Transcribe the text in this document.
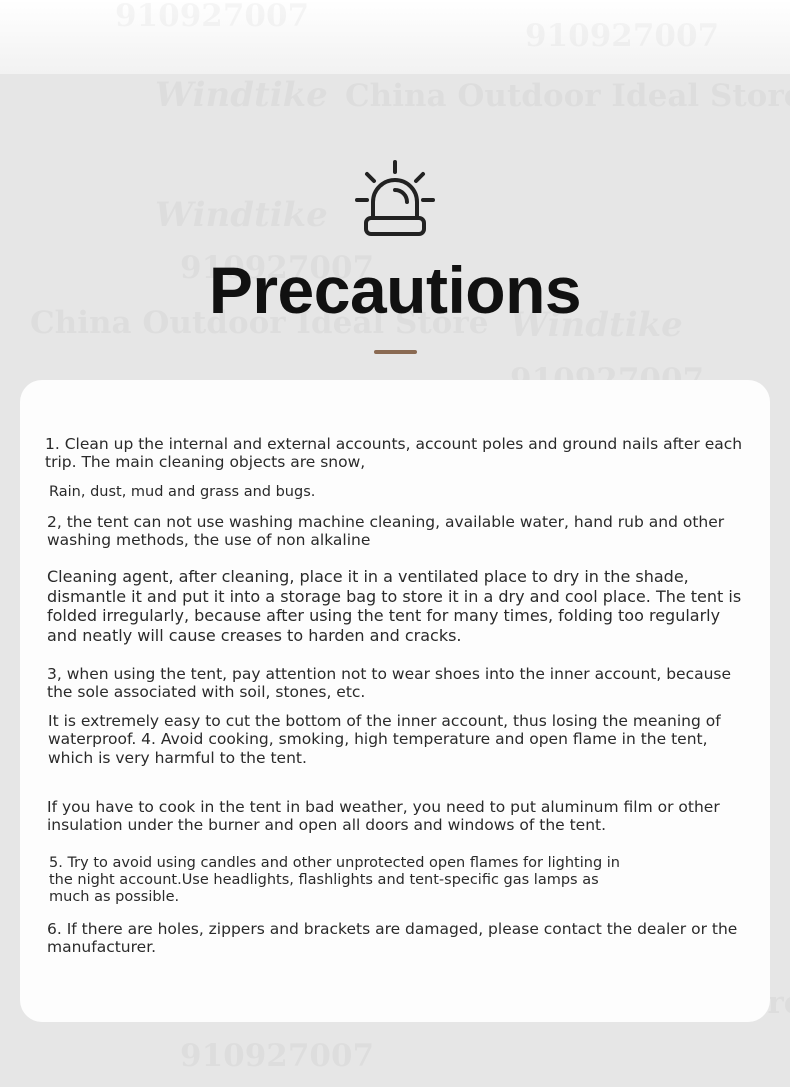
Precautions

1. Clean up the internal and external accounts, account poles and ground nails after each trip. The main cleaning objects are snow,

Rain, dust, mud and grass and bugs.

2, the tent can not use washing machine cleaning, available water, hand rub and other washing methods, the use of non alkaline

Cleaning agent, after cleaning, place it in a ventilated place to dry in the shade, dismantle it and put it into a storage bag to store it in a dry and cool place. The tent is folded irregularly, because after using the tent for many times, folding too regularly and neatly will cause creases to harden and cracks.

3, when using the tent, pay attention not to wear shoes into the inner account, because the sole associated with soil, stones, etc.

It is extremely easy to cut the bottom of the inner account, thus losing the meaning of waterproof. 4. Avoid cooking, smoking, high temperature and open flame in the tent, which is very harmful to the tent.

If you have to cook in the tent in bad weather, you need to put aluminum film or other insulation under the burner and open all doors and windows of the tent.

5. Try to avoid using candles and other unprotected open flames for lighting in the night account.Use headlights, flashlights and tent-specific gas lamps as much as possible.

6. If there are holes, zippers and brackets are damaged, please contact the dealer or the manufacturer.
